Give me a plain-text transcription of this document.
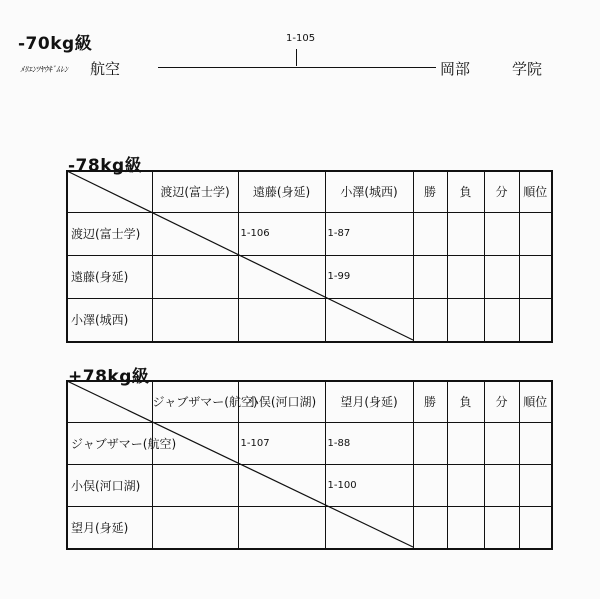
-70kg級	1-105
ﾒﾘｴﾝﾂﾔｳｷﾞﾑﾚﾝ 航空	岡部	学院
-78kg級
	渡辺(富士学)	遠藤(身延)	小澤(城西)	勝	負	分	順位
渡辺(富士学)		1-106	1-87				
遠藤(身延)			1-99				
小澤(城西)							
+78kg級
	ジャブザマー(航空)	小俣(河口湖)	望月(身延)	勝	負	分	順位
ジャブザマー(航空)		1-107	1-88				
小俣(河口湖)			1-100				
望月(身延)							
